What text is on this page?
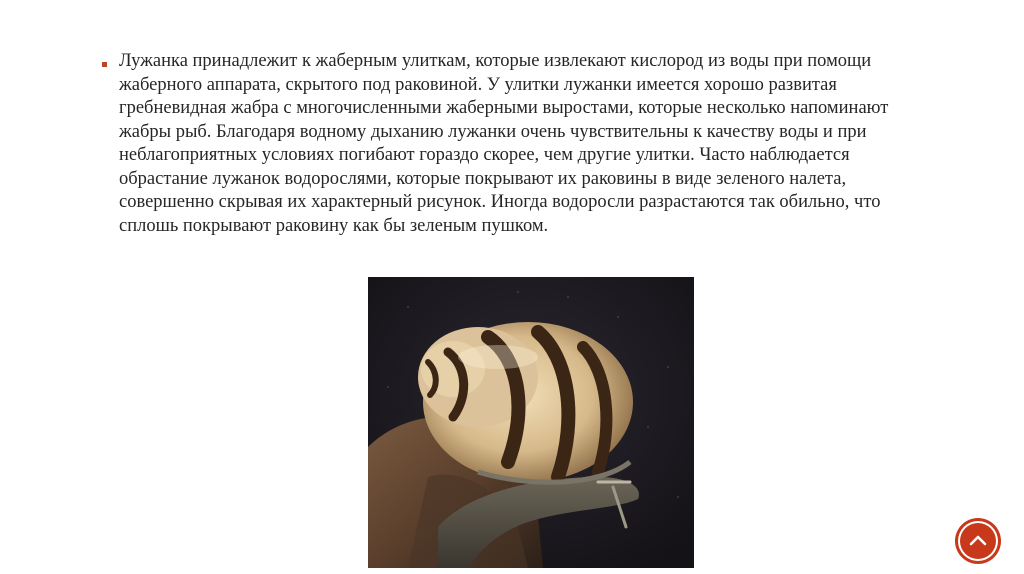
Лужанка принадлежит к жаберным улиткам, которые извлекают кислород из воды при помощи жаберного аппарата, скрытого под раковиной. У улитки лужанки имеется хорошо развитая гребневидная жабра с многочисленными жаберными выростами, которые несколько напоминают жабры рыб. Благодаря водному дыханию лужанки очень чувствительны к качеству воды и при неблагоприятных условиях погибают гораздо скорее, чем другие улитки. Часто наблюдается обрастание лужанок водорослями, которые покрывают их раковины в виде зеленого налета, совершенно скрывая их характерный рисунок. Иногда водоросли разрастаются так обильно, что сплошь покрывают раковину как бы зеленым пушком.
